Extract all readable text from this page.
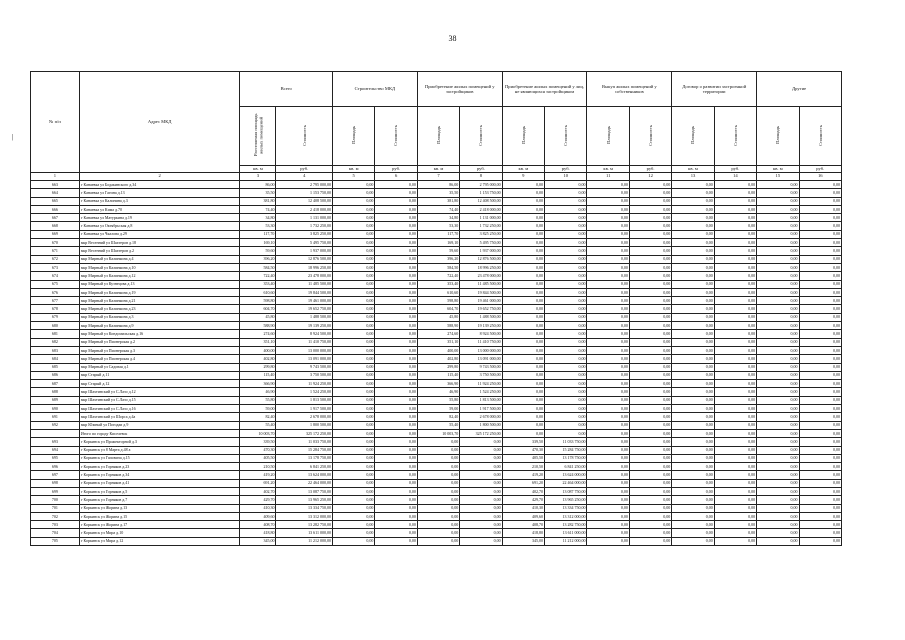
38
|
№ п/п	Адрес МКД	Всего		Строительство МКД		Приобретение жилых помещений у застройщиков		Приобретение жилых помещений у лиц, не являющихся застройщиком		Выкуп жилых помещений у собственников		Договор о развитии застроенной территории		Другие	
		Расселяемая площадь жилых помещений	Стоимость	Площадь	Стоимость	Площадь	Стоимость	Площадь	Стоимость	Площадь	Стоимость	Площадь	Стоимость	Площадь	Стоимость
		кв. м	руб.	кв. м	руб.	кв. м	руб.	кв. м	руб.	кв. м	руб.	кв. м	руб.	кв. м	руб.
1	2	3	4	5	6	7	8	9	10	11	12	13	14	15	16
663	г Канаевка ул Бодакинского д.34	86,00	2 795 000,00	0,00	0,00	86,00	2 795 000,00	0,00	0,00	0,00	0,00	0,00	0,00	0,00	0,00
664	г Канаевка ул Гагина д.13	35,50	1 153 750,00	0,00	0,00	35,50	1 153 750,00	0,00	0,00	0,00	0,00	0,00	0,00	0,00	0,00
665	г Канаевка ул Калинина д.3	381,80	12 408 500,00	0,00	0,00	381,80	12 408 500,00	0,00	0,00	0,00	0,00	0,00	0,00	0,00	0,00
666	г Канаевка ул Кима д.70	74,40	2 418 000,00	0,00	0,00	74,40	2 418 000,00	0,00	0,00	0,00	0,00	0,00	0,00	0,00	0,00
667	г Канаевка ул Матуркина д.19	34,80	1 131 000,00	0,00	0,00	34,80	1 131 000,00	0,00	0,00	0,00	0,00	0,00	0,00	0,00	0,00
668	г Канаевка ул Октябрьская д.8	53,30	1 732 250,00	0,00	0,00	53,30	1 732 250,00	0,00	0,00	0,00	0,00	0,00	0,00	0,00	0,00
669	г Канаевка ул Чкалова д.29	117,70	3 825 250,00	0,00	0,00	117,70	3 825 250,00	0,00	0,00	0,00	0,00	0,00	0,00	0,00	0,00
670	мкр Весенний ул Шахтеров д.18	169,10	5 495 750,00	0,00	0,00	169,10	5 495 750,00	0,00	0,00	0,00	0,00	0,00	0,00	0,00	0,00
671	мкр Весенний ул Шахтеров д.2	59,60	1 937 000,00	0,00	0,00	59,60	1 937 000,00	0,00	0,00	0,00	0,00	0,00	0,00	0,00	0,00
672	мкр Мирный ул Калинкина д.4	396,20	12 876 500,00	0,00	0,00	396,20	12 876 500,00	0,00	0,00	0,00	0,00	0,00	0,00	0,00	0,00
673	мкр Мирный ул Калинкина д.10	584,50	18 996 250,00	0,00	0,00	584,50	18 996 250,00	0,00	0,00	0,00	0,00	0,00	0,00	0,00	0,00
674	мкр Мирный ул Калинкина д.12	722,40	23 478 000,00	0,00	0,00	722,40	23 478 000,00	0,00	0,00	0,00	0,00	0,00	0,00	0,00	0,00
675	мкр Мирный ул Кузнецова д.13	353,40	11 485 500,00	0,00	0,00	353,40	11 485 500,00	0,00	0,00	0,00	0,00	0,00	0,00	0,00	0,00
676	мкр Мирный ул Калинкина д.19	610,60	19 844 500,00	0,00	0,00	610,60	19 844 500,00	0,00	0,00	0,00	0,00	0,00	0,00	0,00	0,00
677	мкр Мирный ул Калинкина д.21	598,80	19 461 000,00	0,00	0,00	598,80	19 461 000,00	0,00	0,00	0,00	0,00	0,00	0,00	0,00	0,00
678	мкр Мирный ул Калинкина д.23	604,70	19 652 750,00	0,00	0,00	604,70	19 652 750,00	0,00	0,00	0,00	0,00	0,00	0,00	0,00	0,00
679	мкр Мирный ул Калинкина д.3	45,80	1 488 500,00	0,00	0,00	45,80	1 488 500,00	0,00	0,00	0,00	0,00	0,00	0,00	0,00	0,00
680	мкр Мирный ул Калинкина д.9	588,90	19 139 250,00	0,00	0,00	588,90	19 139 250,00	0,00	0,00	0,00	0,00	0,00	0,00	0,00	0,00
681	мкр Мирный ул Кондомильская д.16	274,60	8 924 500,00	0,00	0,00	274,60	8 924 500,00	0,00	0,00	0,00	0,00	0,00	0,00	0,00	0,00
682	мкр Мирный ул Пионерская д.2	351,10	11 410 750,00	0,00	0,00	351,10	11 410 750,00	0,00	0,00	0,00	0,00	0,00	0,00	0,00	0,00
683	мкр Мирный ул Пионерская д.3	400,00	13 000 000,00	0,00	0,00	400,00	13 000 000,00	0,00	0,00	0,00	0,00	0,00	0,00	0,00	0,00
684	мкр Мирный ул Пионерская д.4	402,80	13 091 000,00	0,00	0,00	402,80	13 091 000,00	0,00	0,00	0,00	0,00	0,00	0,00	0,00	0,00
685	мкр Мирный ул Садовая д.1	299,80	9 743 500,00	0,00	0,00	299,80	9 743 500,00	0,00	0,00	0,00	0,00	0,00	0,00	0,00	0,00
686	мкр Старый д.11	115,40	3 750 500,00	0,00	0,00	115,40	3 750 500,00	0,00	0,00	0,00	0,00	0,00	0,00	0,00	0,00
687	мкр Старый д.12	366,90	11 924 250,00	0,00	0,00	366,90	11 924 250,00	0,00	0,00	0,00	0,00	0,00	0,00	0,00	0,00
688	мкр Шахтинский ул С.Лазо д.12	46,90	1 524 250,00	0,00	0,00	46,90	1 524 250,00	0,00	0,00	0,00	0,00	0,00	0,00	0,00	0,00
689	мкр Шахтинский ул С.Лазо д.15	55,80	1 813 500,00	0,00	0,00	55,80	1 813 500,00	0,00	0,00	0,00	0,00	0,00	0,00	0,00	0,00
690	мкр Шахтинский ул С.Лазо д.16	59,00	1 917 500,00	0,00	0,00	59,00	1 917 500,00	0,00	0,00	0,00	0,00	0,00	0,00	0,00	0,00
691	мкр Шахтинский ул Шорса д.4а	82,40	2 678 000,00	0,00	0,00	82,40	2 678 000,00	0,00	0,00	0,00	0,00	0,00	0,00	0,00	0,00
692	мкр Южный ул Погодаи д.9	55,40	1 800 500,00	0,00	0,00	55,40	1 800 500,00	0,00	0,00	0,00	0,00	0,00	0,00	0,00	0,00
	Итого по городу Киселевск	10 003,70	325 172 250,00	0,00	0,00	10 003,70	325 172 250,00	0,00	0,00	0,00	0,00	0,00	0,00	0,00	0,00
693	г Коркинск ул Прожекторной д.3	339,50	11 033 750,00	0,00	0,00	0,00	0,00	339,50	11 033 750,00	0,00	0,00	0,00	0,00	0,00	0,00
694	г Коркинск ул 8 Марта д.48 а	470,30	15 284 750,00	0,00	0,00	0,00	0,00	470,30	15 284 750,00	0,00	0,00	0,00	0,00	0,00	0,00
695	г Коркинск ул Гаповича д.15	405,50	13 178 750,00	0,00	0,00	0,00	0,00	405,50	13 178 750,00	0,00	0,00	0,00	0,00	0,00	0,00
696	г Коркинск ул Горняков д.23	210,50	6 841 250,00	0,00	0,00	0,00	0,00	210,50	6 841 250,00	0,00	0,00	0,00	0,00	0,00	0,00
697	г Коркинск ул Горняков д.34	419,20	13 624 000,00	0,00	0,00	0,00	0,00	419,20	13 624 000,00	0,00	0,00	0,00	0,00	0,00	0,00
698	г Коркинск ул Горняков д.41	691,20	22 464 000,00	0,00	0,00	0,00	0,00	691,20	22 464 000,00	0,00	0,00	0,00	0,00	0,00	0,00
699	г Коркинск ул Горняков д.5	402,70	13 087 750,00	0,00	0,00	0,00	0,00	402,70	13 087 750,00	0,00	0,00	0,00	0,00	0,00	0,00
700	г Коркинск ул Горняков д.7	429,70	13 965 250,00	0,00	0,00	0,00	0,00	429,70	13 965 250,00	0,00	0,00	0,00	0,00	0,00	0,00
701	г Коркинск ул Жорина д.13	410,30	13 334 750,00	0,00	0,00	0,00	0,00	410,30	13 334 750,00	0,00	0,00	0,00	0,00	0,00	0,00
702	г Коркинск ул Жорина д.15	409,60	13 312 000,00	0,00	0,00	0,00	0,00	409,60	13 312 000,00	0,00	0,00	0,00	0,00	0,00	0,00
703	г Коркинск ул Жорина д.17	408,70	13 282 750,00	0,00	0,00	0,00	0,00	408,70	13 282 750,00	0,00	0,00	0,00	0,00	0,00	0,00
704	г Коркинск ул Мира д.10	418,80	13 611 000,00	0,00	0,00	0,00	0,00	418,80	13 611 000,00	0,00	0,00	0,00	0,00	0,00	0,00
705	г Коркинск ул Мира д.12	345,00	11 212 000,00	0,00	0,00	0,00	0,00	345,00	11 212 000,00	0,00	0,00	0,00	0,00	0,00	0,00
